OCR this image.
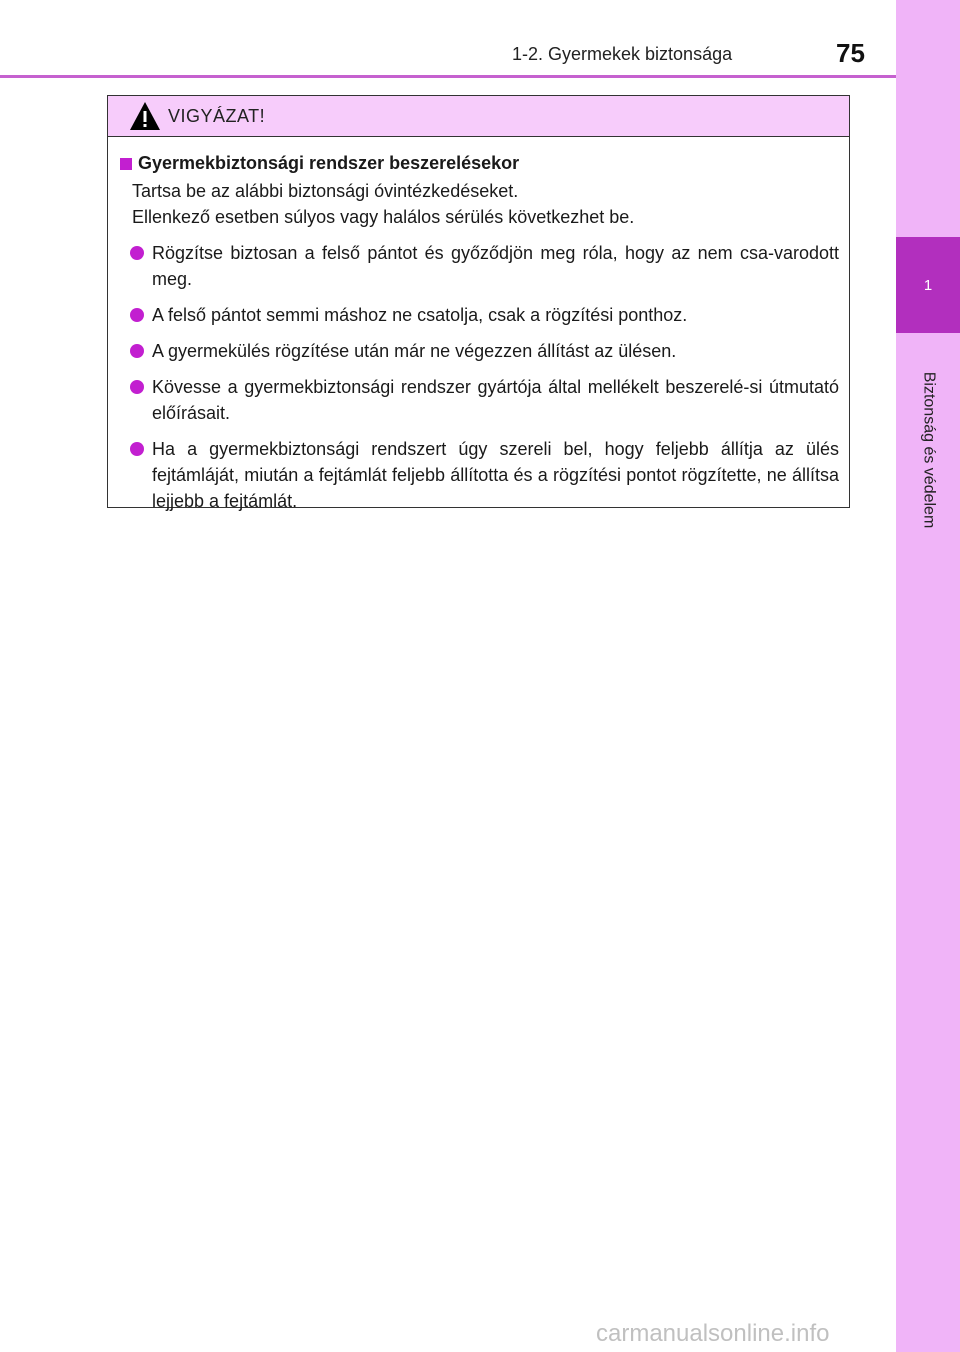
1
Biztonság és védelem
1-2. Gyermekek biztonsága	75
VIGYÁZAT!
Gyermekbiztonsági rendszer beszerelésekor
Tartsa be az alábbi biztonsági óvintézkedéseket.
Ellenkező esetben súlyos vagy halálos sérülés következhet be.
Rögzítse biztosan a felső pántot és győződjön meg róla, hogy az nem csa-varodott meg.
A felső pántot semmi máshoz ne csatolja, csak a rögzítési ponthoz.
A gyermekülés rögzítése után már ne végezzen állítást az ülésen.
Kövesse a gyermekbiztonsági rendszer gyártója által mellékelt beszerelé-si útmutató előírásait.
Ha a gyermekbiztonsági rendszert úgy szereli bel, hogy feljebb állítja az ülés fejtámláját, miután a fejtámlát feljebb állította és a rögzítési pontot rögzítette, ne állítsa lejjebb a fejtámlát.
carmanualsonline.info
